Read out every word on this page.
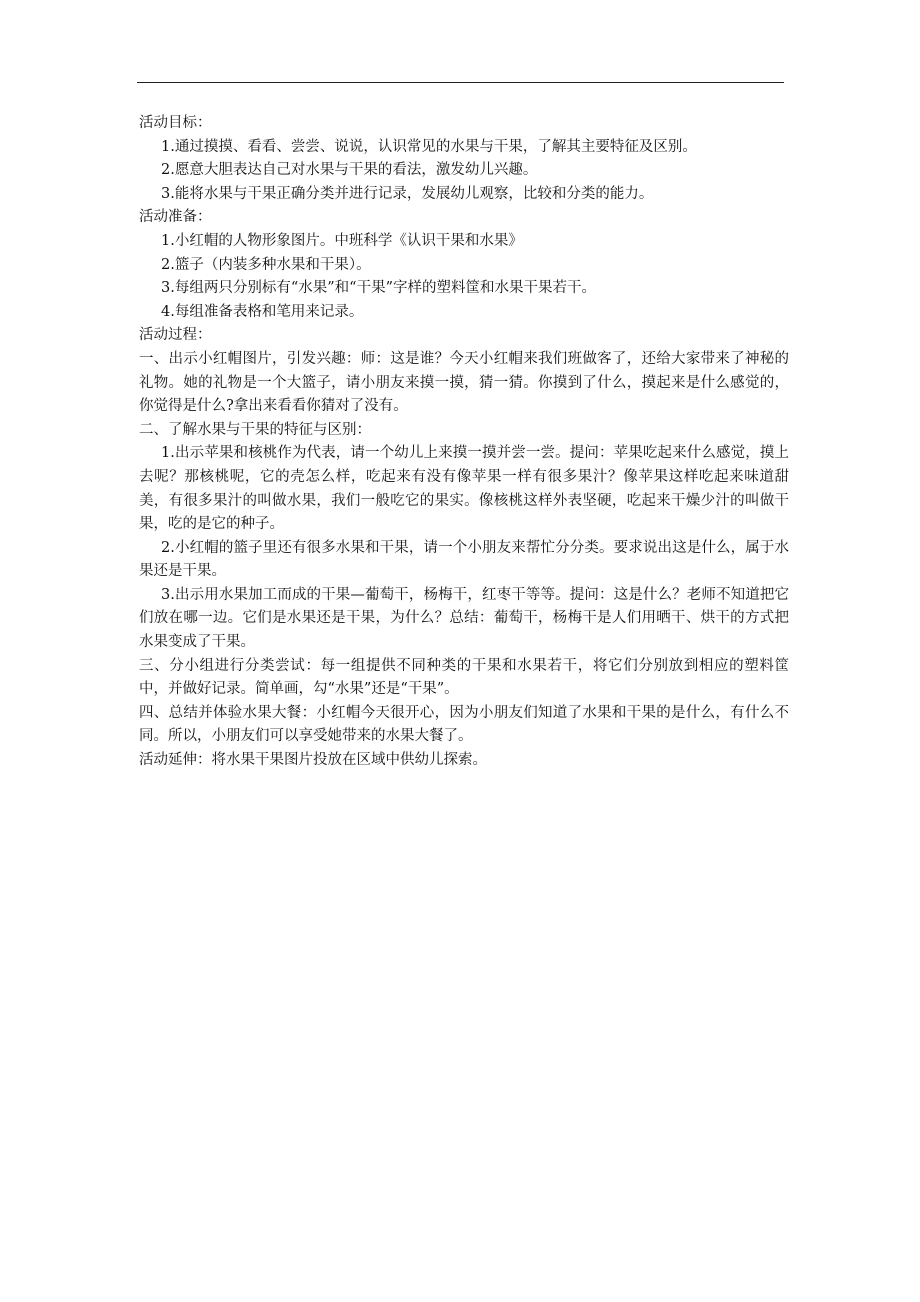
活动目标：

1.通过摸摸、看看、尝尝、说说，认识常见的水果与干果，了解其主要特征及区别。

2.愿意大胆表达自己对水果与干果的看法，激发幼儿兴趣。

3.能将水果与干果正确分类并进行记录，发展幼儿观察，比较和分类的能力。

活动准备：

1.小红帽的人物形象图片。中班科学《认识干果和水果》

2.篮子（内装多种水果和干果）。

3.每组两只分别标有“水果”和“干果”字样的塑料筐和水果干果若干。

4.每组准备表格和笔用来记录。

活动过程：

一、出示小红帽图片，引发兴趣：师：这是谁？今天小红帽来我们班做客了，还给大家带来了神秘的礼物。她的礼物是一个大篮子，请小朋友来摸一摸，猜一猜。你摸到了什么，摸起来是什么感觉的，你觉得是什么?拿出来看看你猜对了没有。

二、了解水果与干果的特征与区别：

1.出示苹果和核桃作为代表，请一个幼儿上来摸一摸并尝一尝。提问：苹果吃起来什么感觉，摸上去呢？那核桃呢，它的壳怎么样，吃起来有没有像苹果一样有很多果汁？像苹果这样吃起来味道甜美，有很多果汁的叫做水果，我们一般吃它的果实。像核桃这样外表坚硬，吃起来干燥少汁的叫做干果，吃的是它的种子。

2.小红帽的篮子里还有很多水果和干果，请一个小朋友来帮忙分分类。要求说出这是什么，属于水果还是干果。

3.出示用水果加工而成的干果—葡萄干，杨梅干，红枣干等等。提问：这是什么？老师不知道把它们放在哪一边。它们是水果还是干果，为什么？总结：葡萄干，杨梅干是人们用晒干、烘干的方式把水果变成了干果。

三、分小组进行分类尝试：每一组提供不同种类的干果和水果若干，将它们分别放到相应的塑料筐中，并做好记录。简单画，勾“水果”还是“干果”。

四、总结并体验水果大餐：小红帽今天很开心，因为小朋友们知道了水果和干果的是什么，有什么不同。所以，小朋友们可以享受她带来的水果大餐了。

活动延伸：将水果干果图片投放在区域中供幼儿探索。
